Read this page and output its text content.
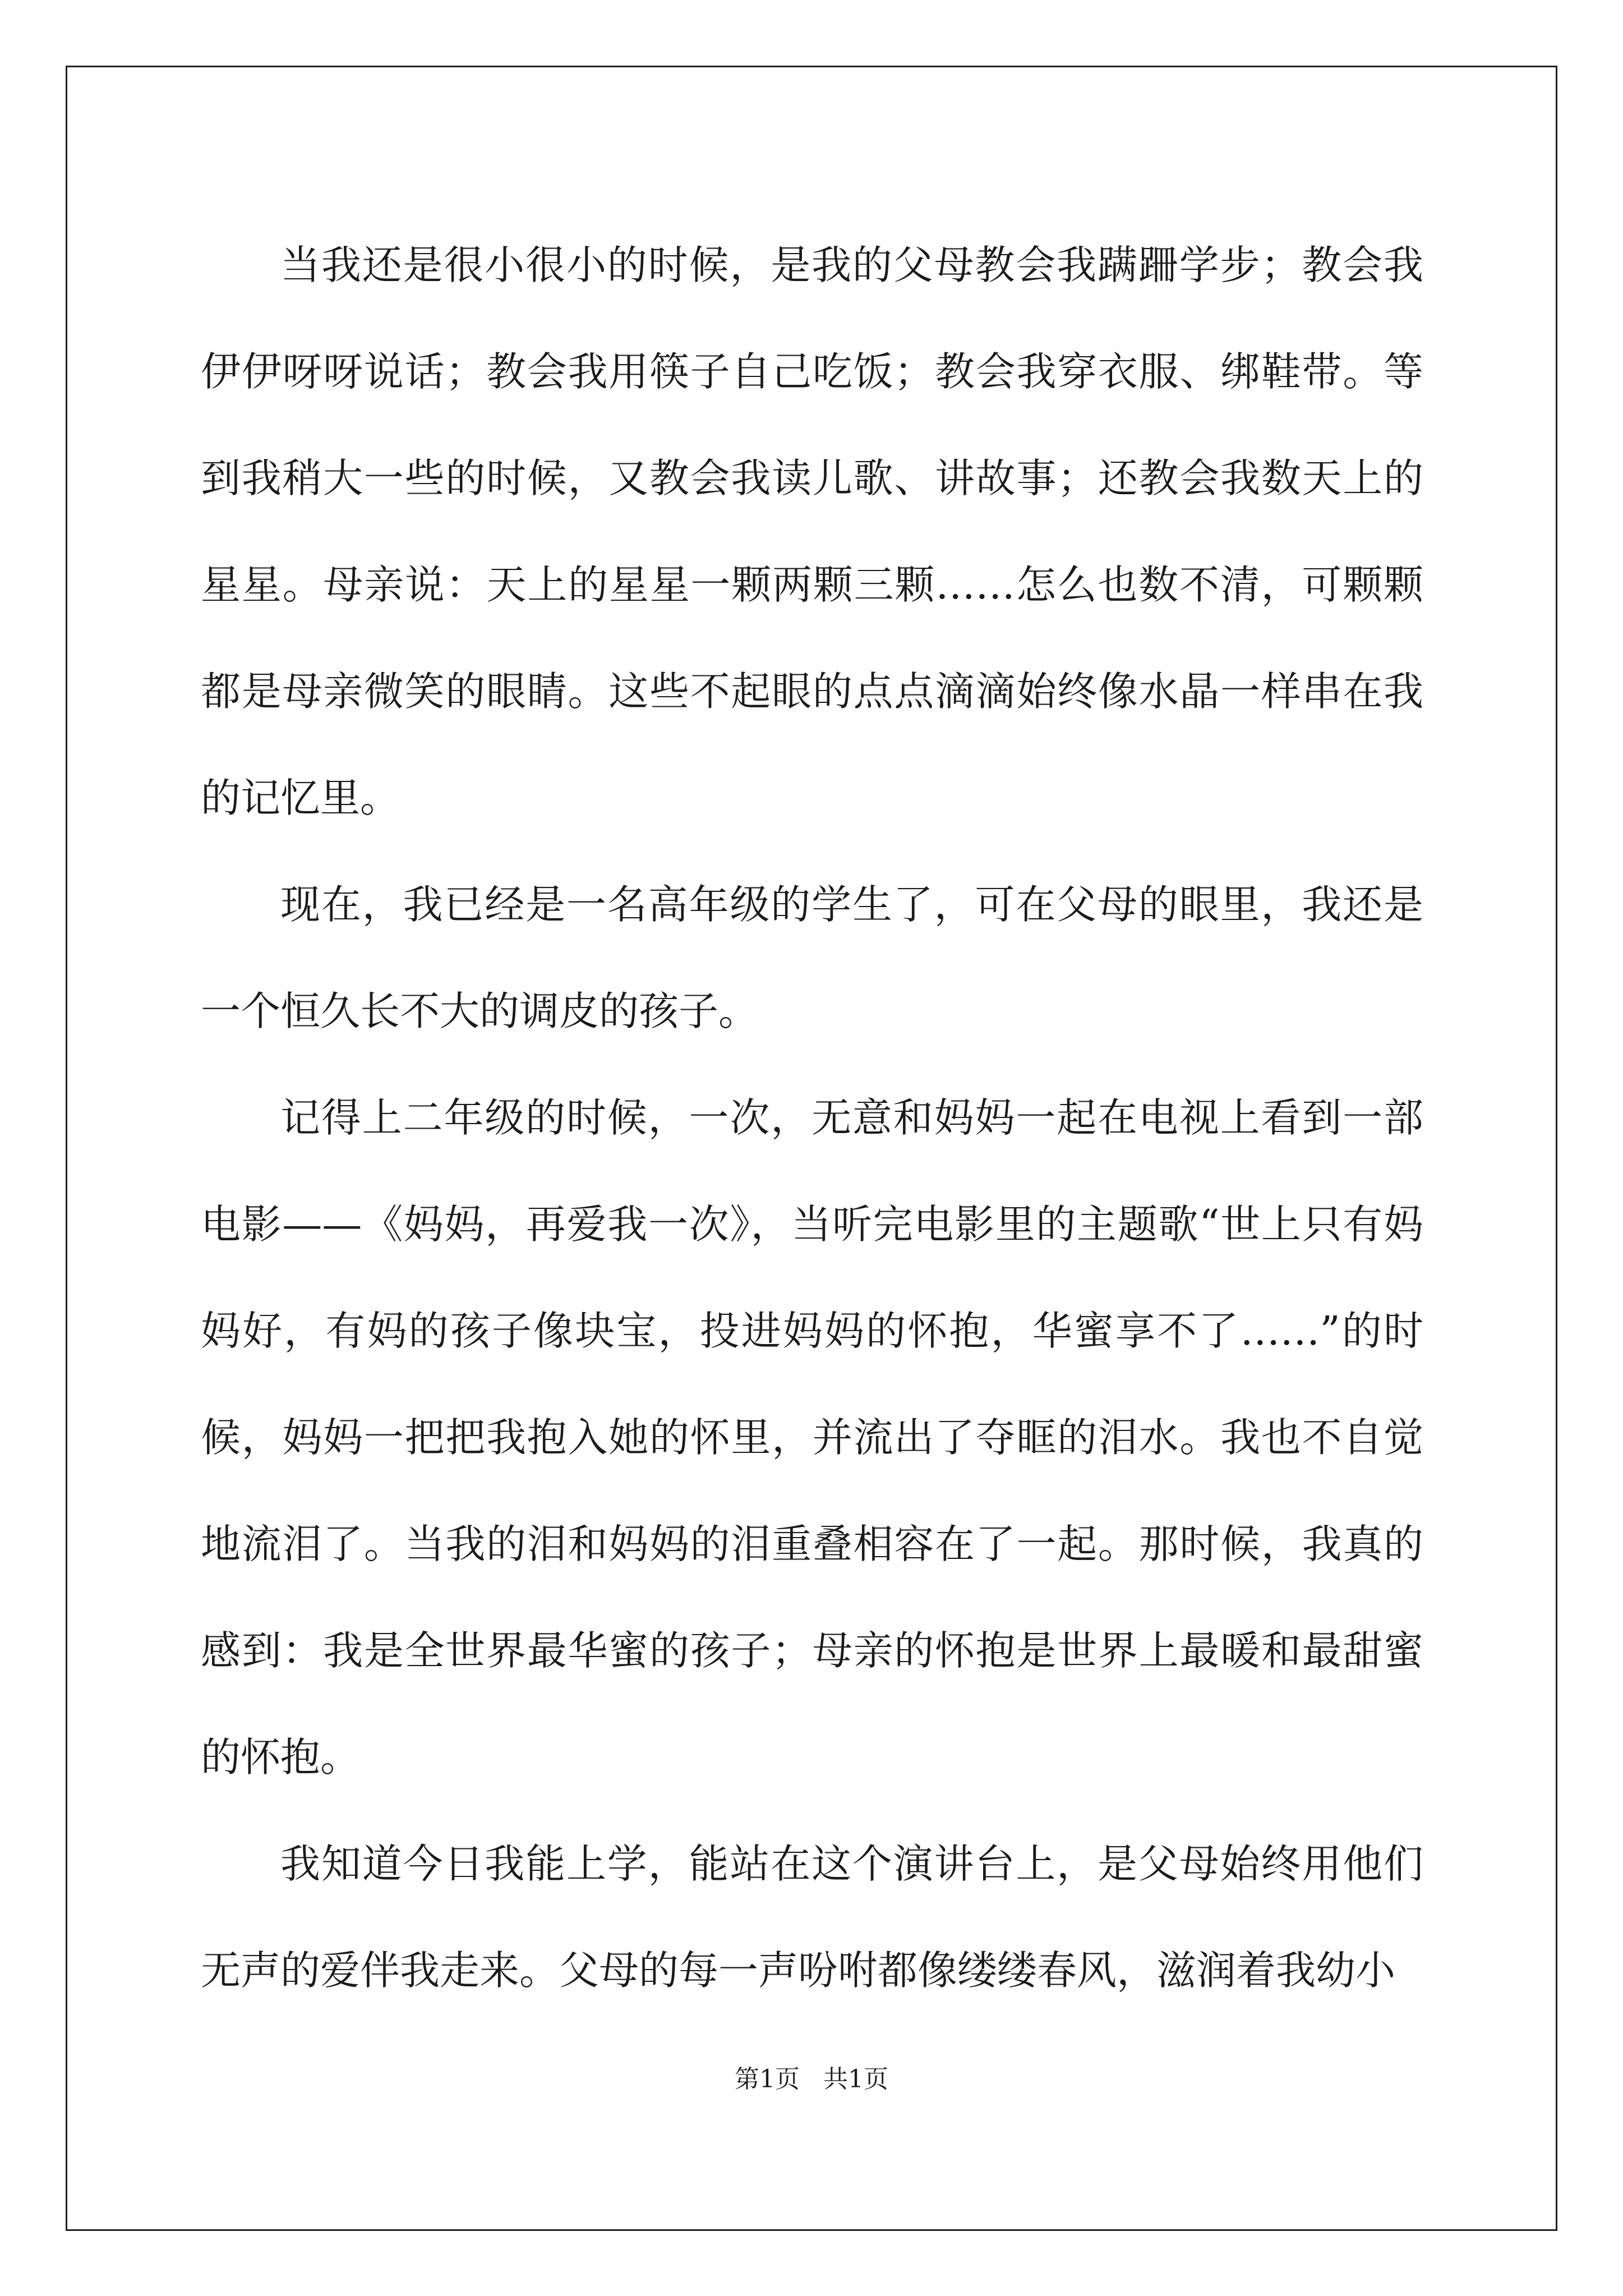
当我还是很小很小的时候，是我的父母教会我蹒跚学步；教会我伊伊呀呀说话；教会我用筷子自己吃饭；教会我穿衣服、绑鞋带。等到我稍大一些的时候，又教会我读儿歌、讲故事；还教会我数天上的星星。母亲说：天上的星星一颗两颗三颗……怎么也数不清，可颗颗都是母亲微笑的眼睛。这些不起眼的点点滴滴始终像水晶一样串在我的记忆里。

现在，我已经是一名高年级的学生了，可在父母的眼里，我还是一个恒久长不大的调皮的孩子。

记得上二年级的时候，一次，无意和妈妈一起在电视上看到一部电影——《妈妈，再爱我一次》，当听完电影里的主题歌“世上只有妈妈好，有妈的孩子像块宝，投进妈妈的怀抱，华蜜享不了……”的时候，妈妈一把把我抱入她的怀里，并流出了夺眶的泪水。我也不自觉地流泪了。当我的泪和妈妈的泪重叠相容在了一起。那时候，我真的感到：我是全世界最华蜜的孩子；母亲的怀抱是世界上最暖和最甜蜜的怀抱。

我知道今日我能上学，能站在这个演讲台上，是父母始终用他们无声的爱伴我走来。父母的每一声吩咐都像缕缕春风，滋润着我幼小

第1页 共1页
